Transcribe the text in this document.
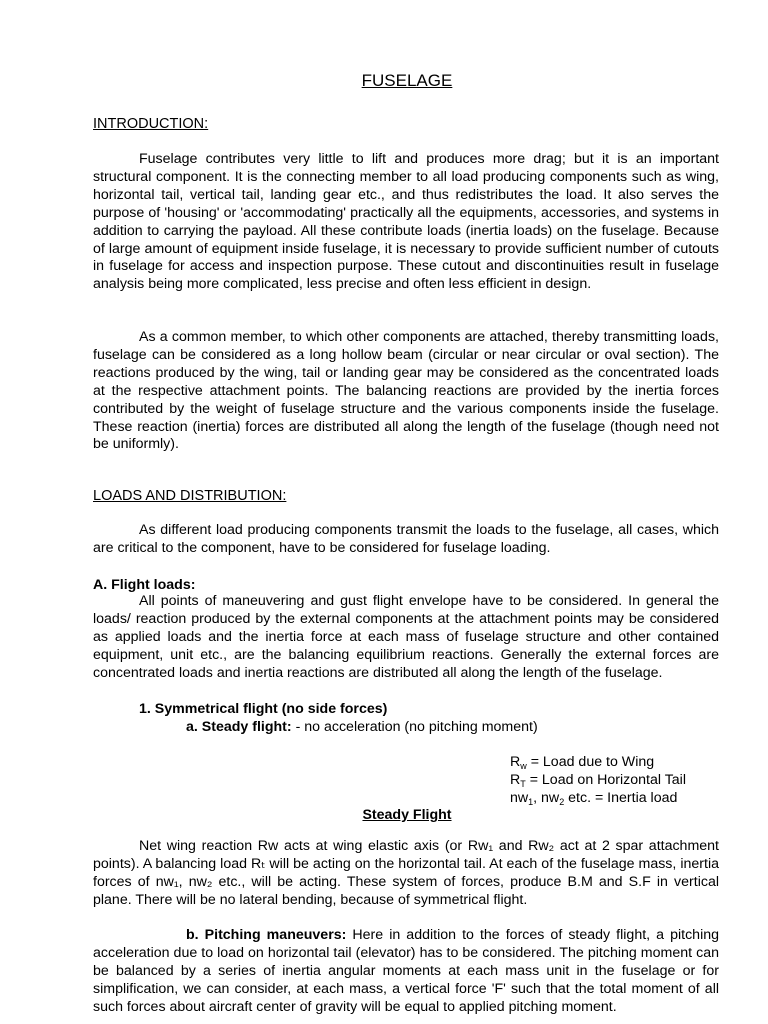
FUSELAGE
INTRODUCTION:

Fuselage contributes very little to lift and produces more drag; but it is an important structural component. It is the connecting member to all load producing components such as wing, horizontal tail, vertical tail, landing gear etc., and thus redistributes the load. It also serves the purpose of 'housing' or 'accommodating' practically all the equipments, accessories, and systems in addition to carrying the payload. All these contribute loads (inertia loads) on the fuselage. Because of large amount of equipment inside fuselage, it is necessary to provide sufficient number of cutouts in fuselage for access and inspection purpose. These cutout and discontinuities result in fuselage analysis being more complicated, less precise and often less efficient in design.

As a common member, to which other components are attached, thereby transmitting loads, fuselage can be considered as a long hollow beam (circular or near circular or oval section). The reactions produced by the wing, tail or landing gear may be considered as the concentrated loads at the respective attachment points. The balancing reactions are provided by the inertia forces contributed by the weight of fuselage structure and the various components inside the fuselage. These reaction (inertia) forces are distributed all along the length of the fuselage (though need not be uniformly).

LOADS AND DISTRIBUTION:

As different load producing components transmit the loads to the fuselage, all cases, which are critical to the component, have to be considered for fuselage loading.

A. Flight loads:

All points of maneuvering and gust flight envelope have to be considered. In general the loads/ reaction produced by the external components at the attachment points may be considered as applied loads and the inertia force at each mass of fuselage structure and other contained equipment, unit etc., are the balancing equilibrium reactions. Generally the external forces are concentrated loads and inertia reactions are distributed all along the length of the fuselage.

1. Symmetrical flight (no side forces)
a. Steady flight: - no acceleration (no pitching moment)
$R_w$ = Load due to Wing
$R_T$ = Load on Horizontal Tail
$nw_1$, $nw_2$ etc. = Inertia load
Steady Flight

Net wing reaction Rᴡ acts at wing elastic axis (or Rᴡ₁ and Rᴡ₂ act at 2 spar attachment points). A balancing load Rₜ will be acting on the horizontal tail. At each of the fuselage mass, inertia forces of nw₁, nw₂ etc., will be acting. These system of forces, produce B.M and S.F in vertical plane. There will be no lateral bending, because of symmetrical flight.

b. Pitching maneuvers: Here in addition to the forces of steady flight, a pitching acceleration due to load on horizontal tail (elevator) has to be considered. The pitching moment can be balanced by a series of inertia angular moments at each mass unit in the fuselage or for simplification, we can consider, at each mass, a vertical force 'F' such that the total moment of all such forces about aircraft center of gravity will be equal to applied pitching moment.
